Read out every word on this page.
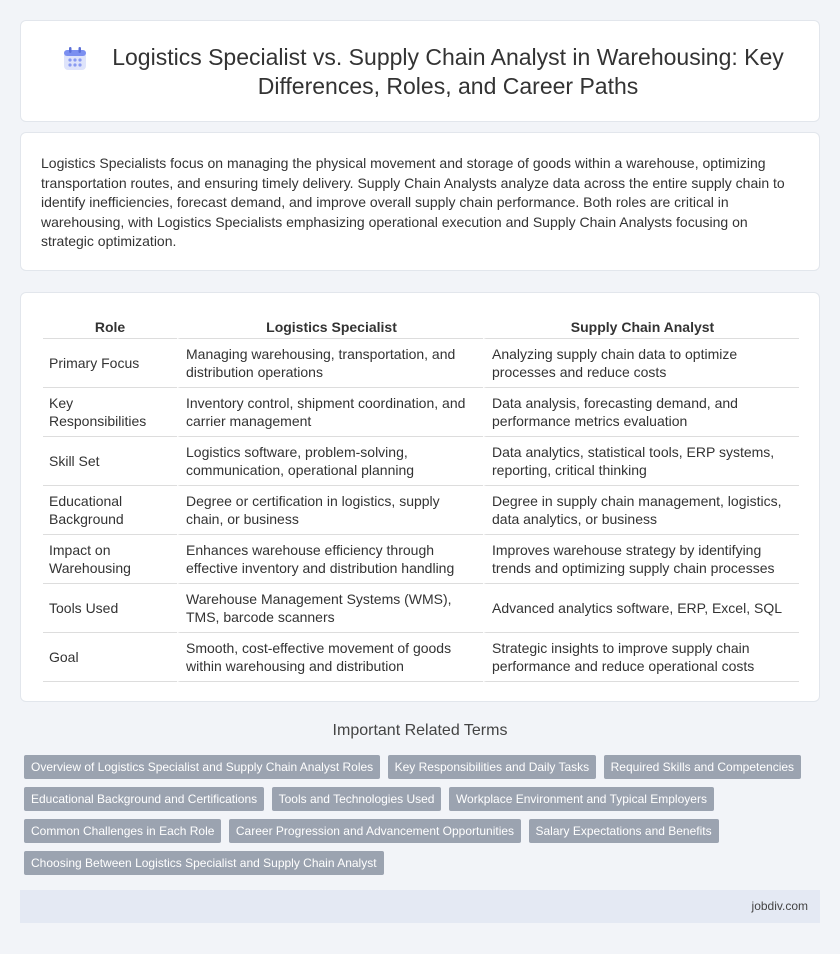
Logistics Specialist vs. Supply Chain Analyst in Warehousing: Key Differences, Roles, and Career Paths

Logistics Specialists focus on managing the physical movement and storage of goods within a warehouse, optimizing transportation routes, and ensuring timely delivery. Supply Chain Analysts analyze data across the entire supply chain to identify inefficiencies, forecast demand, and improve overall supply chain performance. Both roles are critical in warehousing, with Logistics Specialists emphasizing operational execution and Supply Chain Analysts focusing on strategic optimization.

Role	Logistics Specialist	Supply Chain Analyst
Primary Focus	Managing warehousing, transportation, and distribution operations	Analyzing supply chain data to optimize processes and reduce costs
Key Responsibilities	Inventory control, shipment coordination, and carrier management	Data analysis, forecasting demand, and performance metrics evaluation
Skill Set	Logistics software, problem-solving, communication, operational planning	Data analytics, statistical tools, ERP systems, reporting, critical thinking
Educational Background	Degree or certification in logistics, supply chain, or business	Degree in supply chain management, logistics, data analytics, or business
Impact on Warehousing	Enhances warehouse efficiency through effective inventory and distribution handling	Improves warehouse strategy by identifying trends and optimizing supply chain processes
Tools Used	Warehouse Management Systems (WMS), TMS, barcode scanners	Advanced analytics software, ERP, Excel, SQL
Goal	Smooth, cost-effective movement of goods within warehousing and distribution	Strategic insights to improve supply chain performance and reduce operational costs
Important Related Terms
Overview of Logistics Specialist and Supply Chain Analyst Roles Key Responsibilities and Daily Tasks Required Skills and Competencies Educational Background and Certifications Tools and Technologies Used Workplace Environment and Typical Employers Common Challenges in Each Role Career Progression and Advancement Opportunities Salary Expectations and Benefits Choosing Between Logistics Specialist and Supply Chain Analyst
jobdiv.com
